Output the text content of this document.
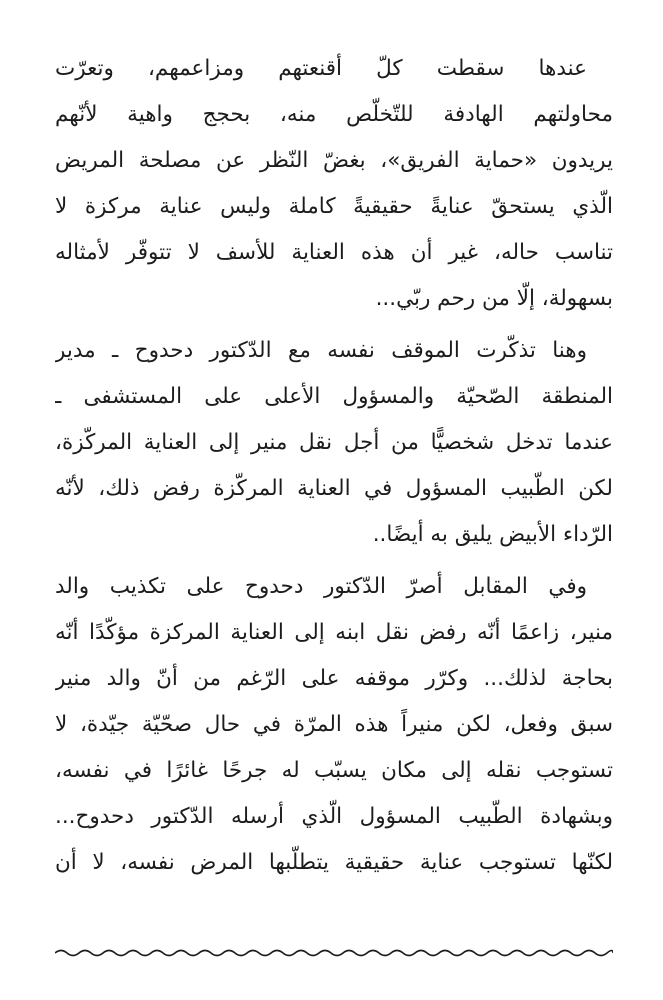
عندها سقطت كلّ أقنعتهم ومزاعمهم، وتعرّت
محاولتهم الهادفة للتّخلّص منه، بحجج واهية لأنّهم
يريدون «حماية الفريق»، بغضّ النّظر عن مصلحة المريض
الّذي يستحقّ عنايةً حقيقيةً كاملة وليس عناية مركزة لا
تناسب حاله، غير أن هذه العناية للأسف لا تتوفّر لأمثاله
بسهولة، إلّا من رحم ربّي...
وهنا تذكّرت الموقف نفسه مع الدّكتور دحدوح ـ مدير
المنطقة الصّحيّة والمسؤول الأعلى على المستشفى ـ
عندما تدخل شخصيًّا من أجل نقل منير إلى العناية المركّزة،
لكن الطّبيب المسؤول في العناية المركّزة رفض ذلك، لأنّه
الرّداء الأبيض يليق به أيضًا..
وفي المقابل أصرّ الدّكتور دحدوح على تكذيب والد
منير، زاعمًا أنّه رفض نقل ابنه إلى العناية المركزة مؤكّدًا أنّه
بحاجة لذلك... وكرّر موقفه على الرّغم من أنّ والد منير
سبق وفعل، لكن منيراً هذه المرّة في حال صحّيّة جيّدة، لا
تستوجب نقله إلى مكان يسبّب له جرحًا غائرًا في نفسه،
وبشهادة الطّبيب المسؤول الّذي أرسله الدّكتور دحدوح...
لكنّها تستوجب عناية حقيقية يتطلّبها المرض نفسه، لا أن
